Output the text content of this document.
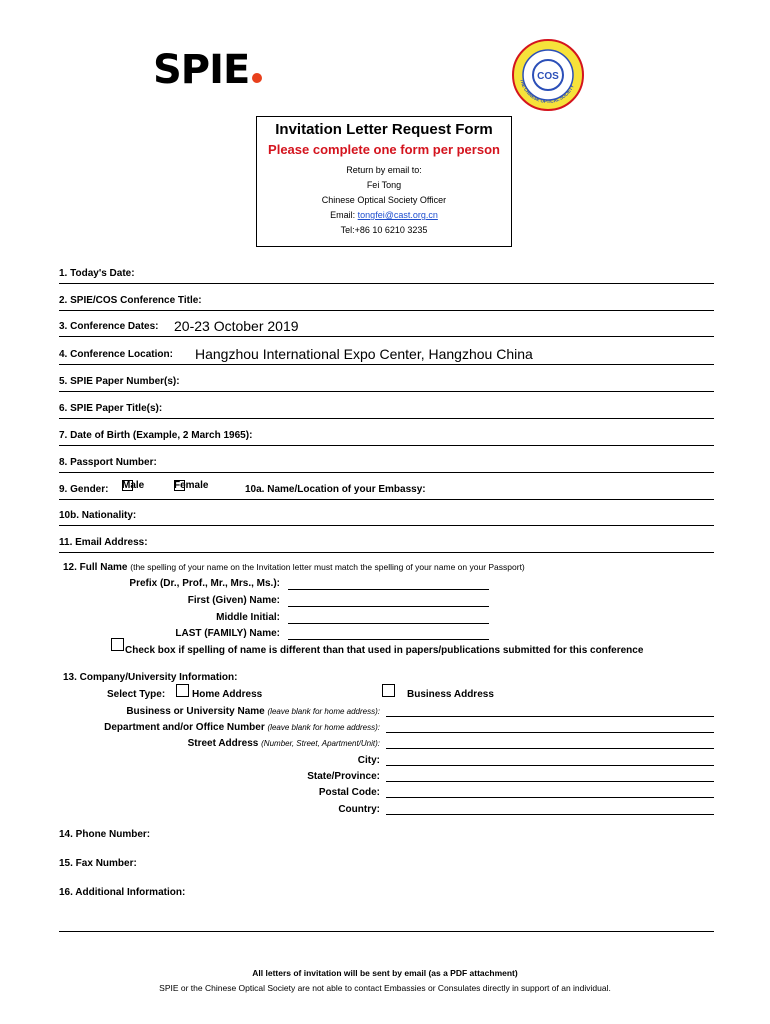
SPIE	COS
THE CHINESE OPTICAL SOCIETY
Invitation Letter Request Form
Please complete one form per person
Return by email to:
Fei Tong
Chinese Optical Society Officer
Email: tongfei@cast.org.cn
Tel:+86 10 6210 3235
1. Today's Date:
2. SPIE/COS Conference Title:
3. Conference Dates: 20-23 October 2019
4. Conference Location: Hangzhou International Expo Center, Hangzhou China
5. SPIE Paper Number(s):
6. SPIE Paper Title(s):
7. Date of Birth (Example, 2 March 1965):
8. Passport Number:
9. Gender: Male	Female	10a. Name/Location of your Embassy:
10b. Nationality:
11. Email Address:
12. Full Name (the spelling of your name on the Invitation letter must match the spelling of your name on your Passport)
Prefix (Dr., Prof., Mr., Mrs., Ms.):
First (Given) Name:
Middle Initial:
LAST (FAMILY) Name:
Check box if spelling of name is different than that used in papers/publications submitted for this conference
13. Company/University Information:
Select Type:	Home Address	Business Address
Business or University Name (leave blank for home address):
Department and/or Office Number (leave blank for home address):
Street Address (Number, Street, Apartment/Unit):
City:
State/Province:
Postal Code:
Country:
14. Phone Number:
15. Fax Number:
16. Additional Information:
All letters of invitation will be sent by email (as a PDF attachment)
SPIE or the Chinese Optical Society are not able to contact Embassies or Consulates directly in support of an individual.
